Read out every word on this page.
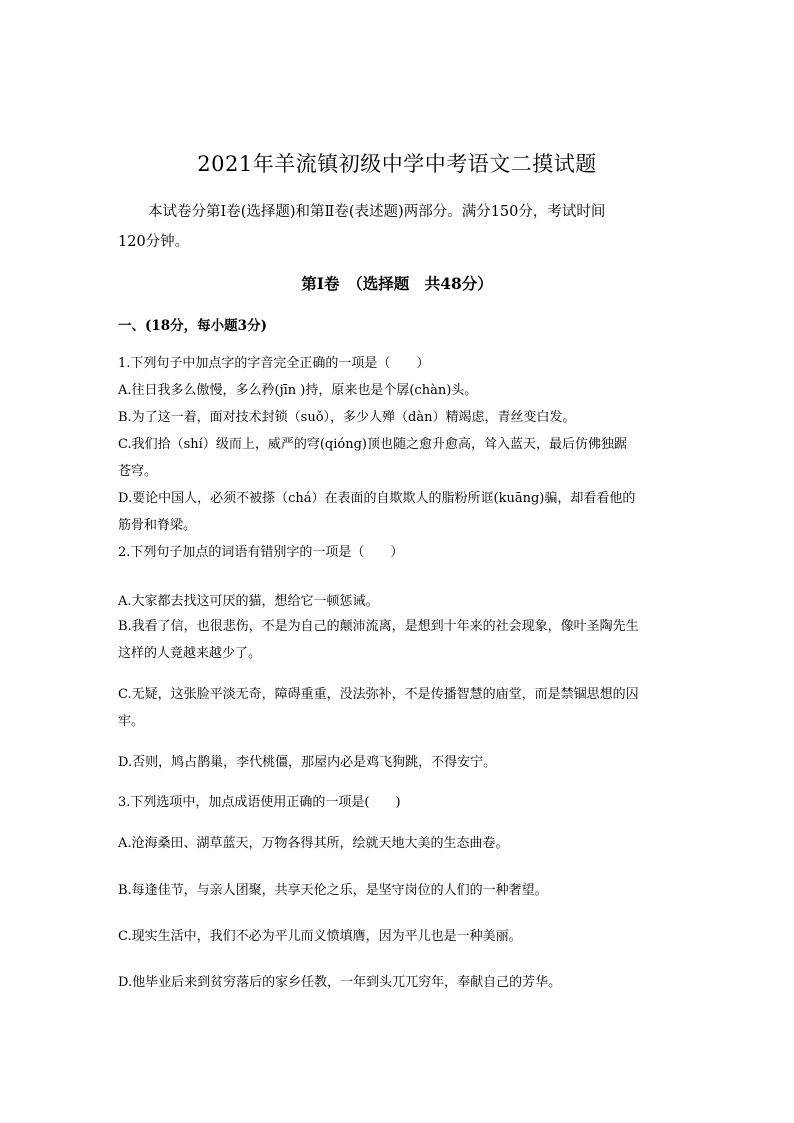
2021年羊流镇初级中学中考语文二摸试题
本试卷分第Ⅰ卷(选择题)和第Ⅱ卷(表述题)两部分。满分150分，考试时间
120分钟。
第Ⅰ卷　（选择题　共48分）
一、(18分，每小题3分)
1.下列句子中加点字的字音完全正确的一项是（　　）
A.往日我多么傲慢，多么矜(jīn )持，原来也是个孱(chàn)头。
B.为了这一着，面对技术封锁（suǒ），多少人殚（dàn）精竭虑，青丝变白发。
C.我们拾（shí）级而上，威严的穹(qióng)顶也随之愈升愈高，耸入蓝天，最后仿佛独踞
苍穹。
D.要论中国人，必须不被搽（chá）在表面的自欺欺人的脂粉所诓(kuāng)骗，却看看他的
筋骨和脊梁。
2.下列句子加点的词语有错别字的一项是（　　）
A.大家都去找这可厌的猫，想给它一顿惩诫。
B.我看了信，也很悲伤，不是为自己的颠沛流离，是想到十年来的社会现象，像叶圣陶先生
这样的人竟越来越少了。
C.无疑，这张脸平淡无奇，障碍重重，没法弥补，不是传播智慧的庙堂，而是禁锢思想的囚
牢。
D.否则，鸠占鹊巢，李代桃僵，那屋内必是鸡飞狗跳，不得安宁。
3.下列选项中，加点成语使用正确的一项是(　　)
A.沧海桑田、湖草蓝天，万物各得其所，绘就天地大美的生态曲卷。
B.每逢佳节，与亲人团聚，共享天伦之乐，是坚守岗位的人们的一种奢望。
C.现实生活中，我们不必为平儿而义愤填膺，因为平儿也是一种美丽。
D.他毕业后来到贫穷落后的家乡任教，一年到头兀兀穷年，奉献自己的芳华。
